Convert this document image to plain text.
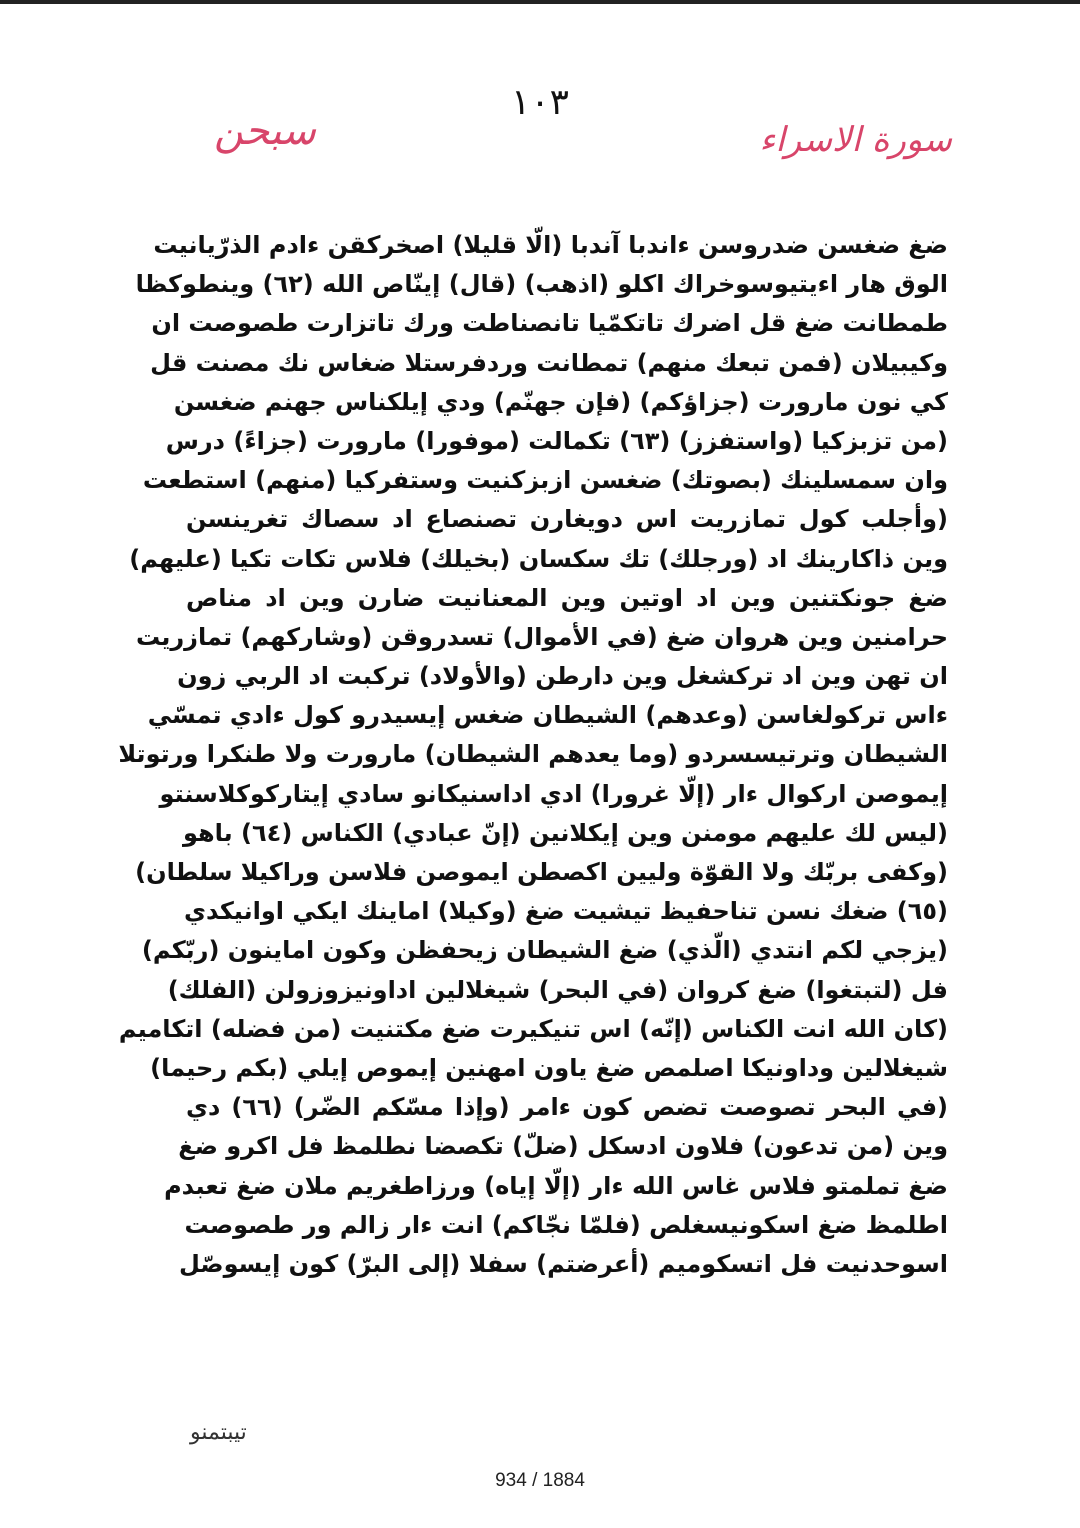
١٠٣
سبحن	سورة الاسراء
ضغ ضغسن ضدروسن ءاندبا آندبا (الّا قليلا) اصخركقن ءادم الذرّيانيت
الوق هار اءيتيوسوخراك اكلو (اذهب) (قال) إينّاص الله (٦٢) وينطوكظا
طمطانت ضغ قل اضرك تاتكمّيا تانصناطت ورك تاتزارت طصوصت ان
وكيبيلان (فمن تبعك منهم) تمطانت وردفرستلا ضغاس نك مصنت قل
كي نون مارورت (جزاؤكم) (فإن جهنّم) ودي إيلكناس جهنم ضغسن
(من تزبزكيا (واستفزز) (٦٣) تكمالت (موفورا) مارورت (جزاءً) درس
وان سمسلينك (بصوتك) ضغسن ازبزكنيت وستفركيا (منهم) استطعت
(وأجلب كول تمازريت اس دويغارن تصنصاع اد سصاك تغرينسن
وين ذاكارينك اد (ورجلك) تك سكسان (بخيلك) فلاس تكات تكيا (عليهم)
ضغ جونكتنين وين اد اوتين وين المعنانيت ضارن وين اد مناص
حرامنين وين هروان ضغ (في الأموال) تسدروقن (وشاركهم) تمازريت
ان تهن وين اد تركشغل وين دارطن (والأولاد) تركبت اد الربي زون
ءاس تركولغاسن (وعدهم) الشيطان ضغس إيسيدرو كول ءادي تمسّي
الشيطان وترتيسسردو (وما يعدهم الشيطان) مارورت ولا طنكرا ورتوتلا
إيموصن اركوال ءار (إلّا غرورا) ادي اداسنيكانو سادي إيتاركوكلاسنتو
(ليس لك عليهم مومنن وين إيكلانين (إنّ عبادي) الكناس (٦٤) باهو
(وكفى بربّك ولا القوّة وليين اكصطن ايموصن فلاسن وراكيلا سلطان)
(٦٥) ضغك نسن تناحفيظ تيشيت ضغ (وكيلا) اماينك ايكي اوانيكدي
(يزجي لكم انتدي (الّذي) ضغ الشيطان زيحفظن وكون اماينون (ربّكم)
فل (لتبتغوا) ضغ كروان (في البحر) شيغلالين اداونيزوزولن (الفلك)
(كان الله انت الكناس (إنّه) اس تنيكيرت ضغ مكتنيت (من فضله) اتكاميم
شيغلالين وداونيكا اصلمص ضغ ياون امهنين إيموص إيلي (بكم رحيما)
(في البحر تصوصت تضص كون ءامر (وإذا مسّكم الضّر) (٦٦) دي
وين (من تدعون) فلاون ادسكل (ضلّ) تكصضا نطلمظ فل اكرو ضغ
ضغ تملمتو فلاس غاس الله ءار (إلّا إياه) ورزاطغريم ملان ضغ تعبدم
اطلمظ ضغ اسكونيسغلص (فلمّا نجّاكم) انت ءار زالم ور طصوصت
اسوحدنيت فل اتسكوميم (أعرضتم) سفلا (إلى البرّ) كون إيسوصّل
تيبتمنو
934 / 1884
